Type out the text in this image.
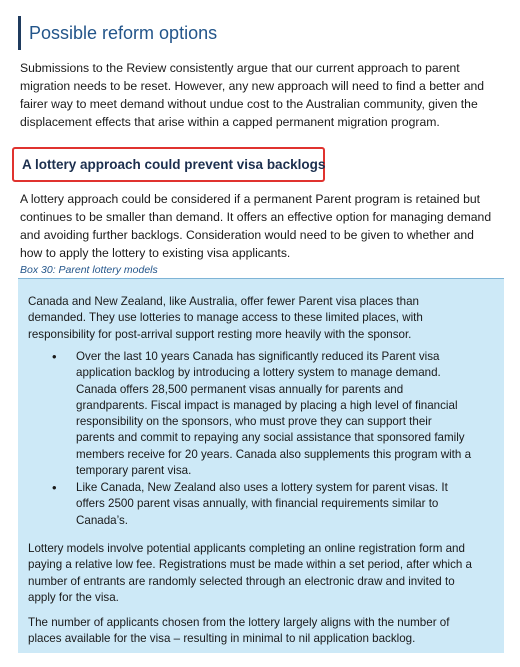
Possible reform options

Submissions to the Review consistently argue that our current approach to parent migration needs to be reset. However, any new approach will need to find a better and fairer way to meet demand without undue cost to the Australian community, given the displacement effects that arise within a capped permanent migration program.

A lottery approach could prevent visa backlogs

A lottery approach could be considered if a permanent Parent program is retained but continues to be smaller than demand. It offers an effective option for managing demand and avoiding further backlogs. Consideration would need to be given to whether and how to apply the lottery to existing visa applicants.

Box 30: Parent lottery models

Canada and New Zealand, like Australia, offer fewer Parent visa places than demanded. They use lotteries to manage access to these limited places, with responsibility for post-arrival support resting more heavily with the sponsor.

•	Over the last 10 years Canada has significantly reduced its Parent visa application backlog by introducing a lottery system to manage demand. Canada offers 28,500 permanent visas annually for parents and grandparents. Fiscal impact is managed by placing a high level of financial responsibility on the sponsors, who must prove they can support their parents and commit to repaying any social assistance that sponsored family members receive for 20 years. Canada also supplements this program with a temporary parent visa.

•	Like Canada, New Zealand also uses a lottery system for parent visas. It offers 2500 parent visas annually, with financial requirements similar to Canada’s.

Lottery models involve potential applicants completing an online registration form and paying a relative low fee. Registrations must be made within a set period, after which a number of entrants are randomly selected through an electronic draw and invited to apply for the visa.

The number of applicants chosen from the lottery largely aligns with the number of places available for the visa – resulting in minimal to nil application backlog.
